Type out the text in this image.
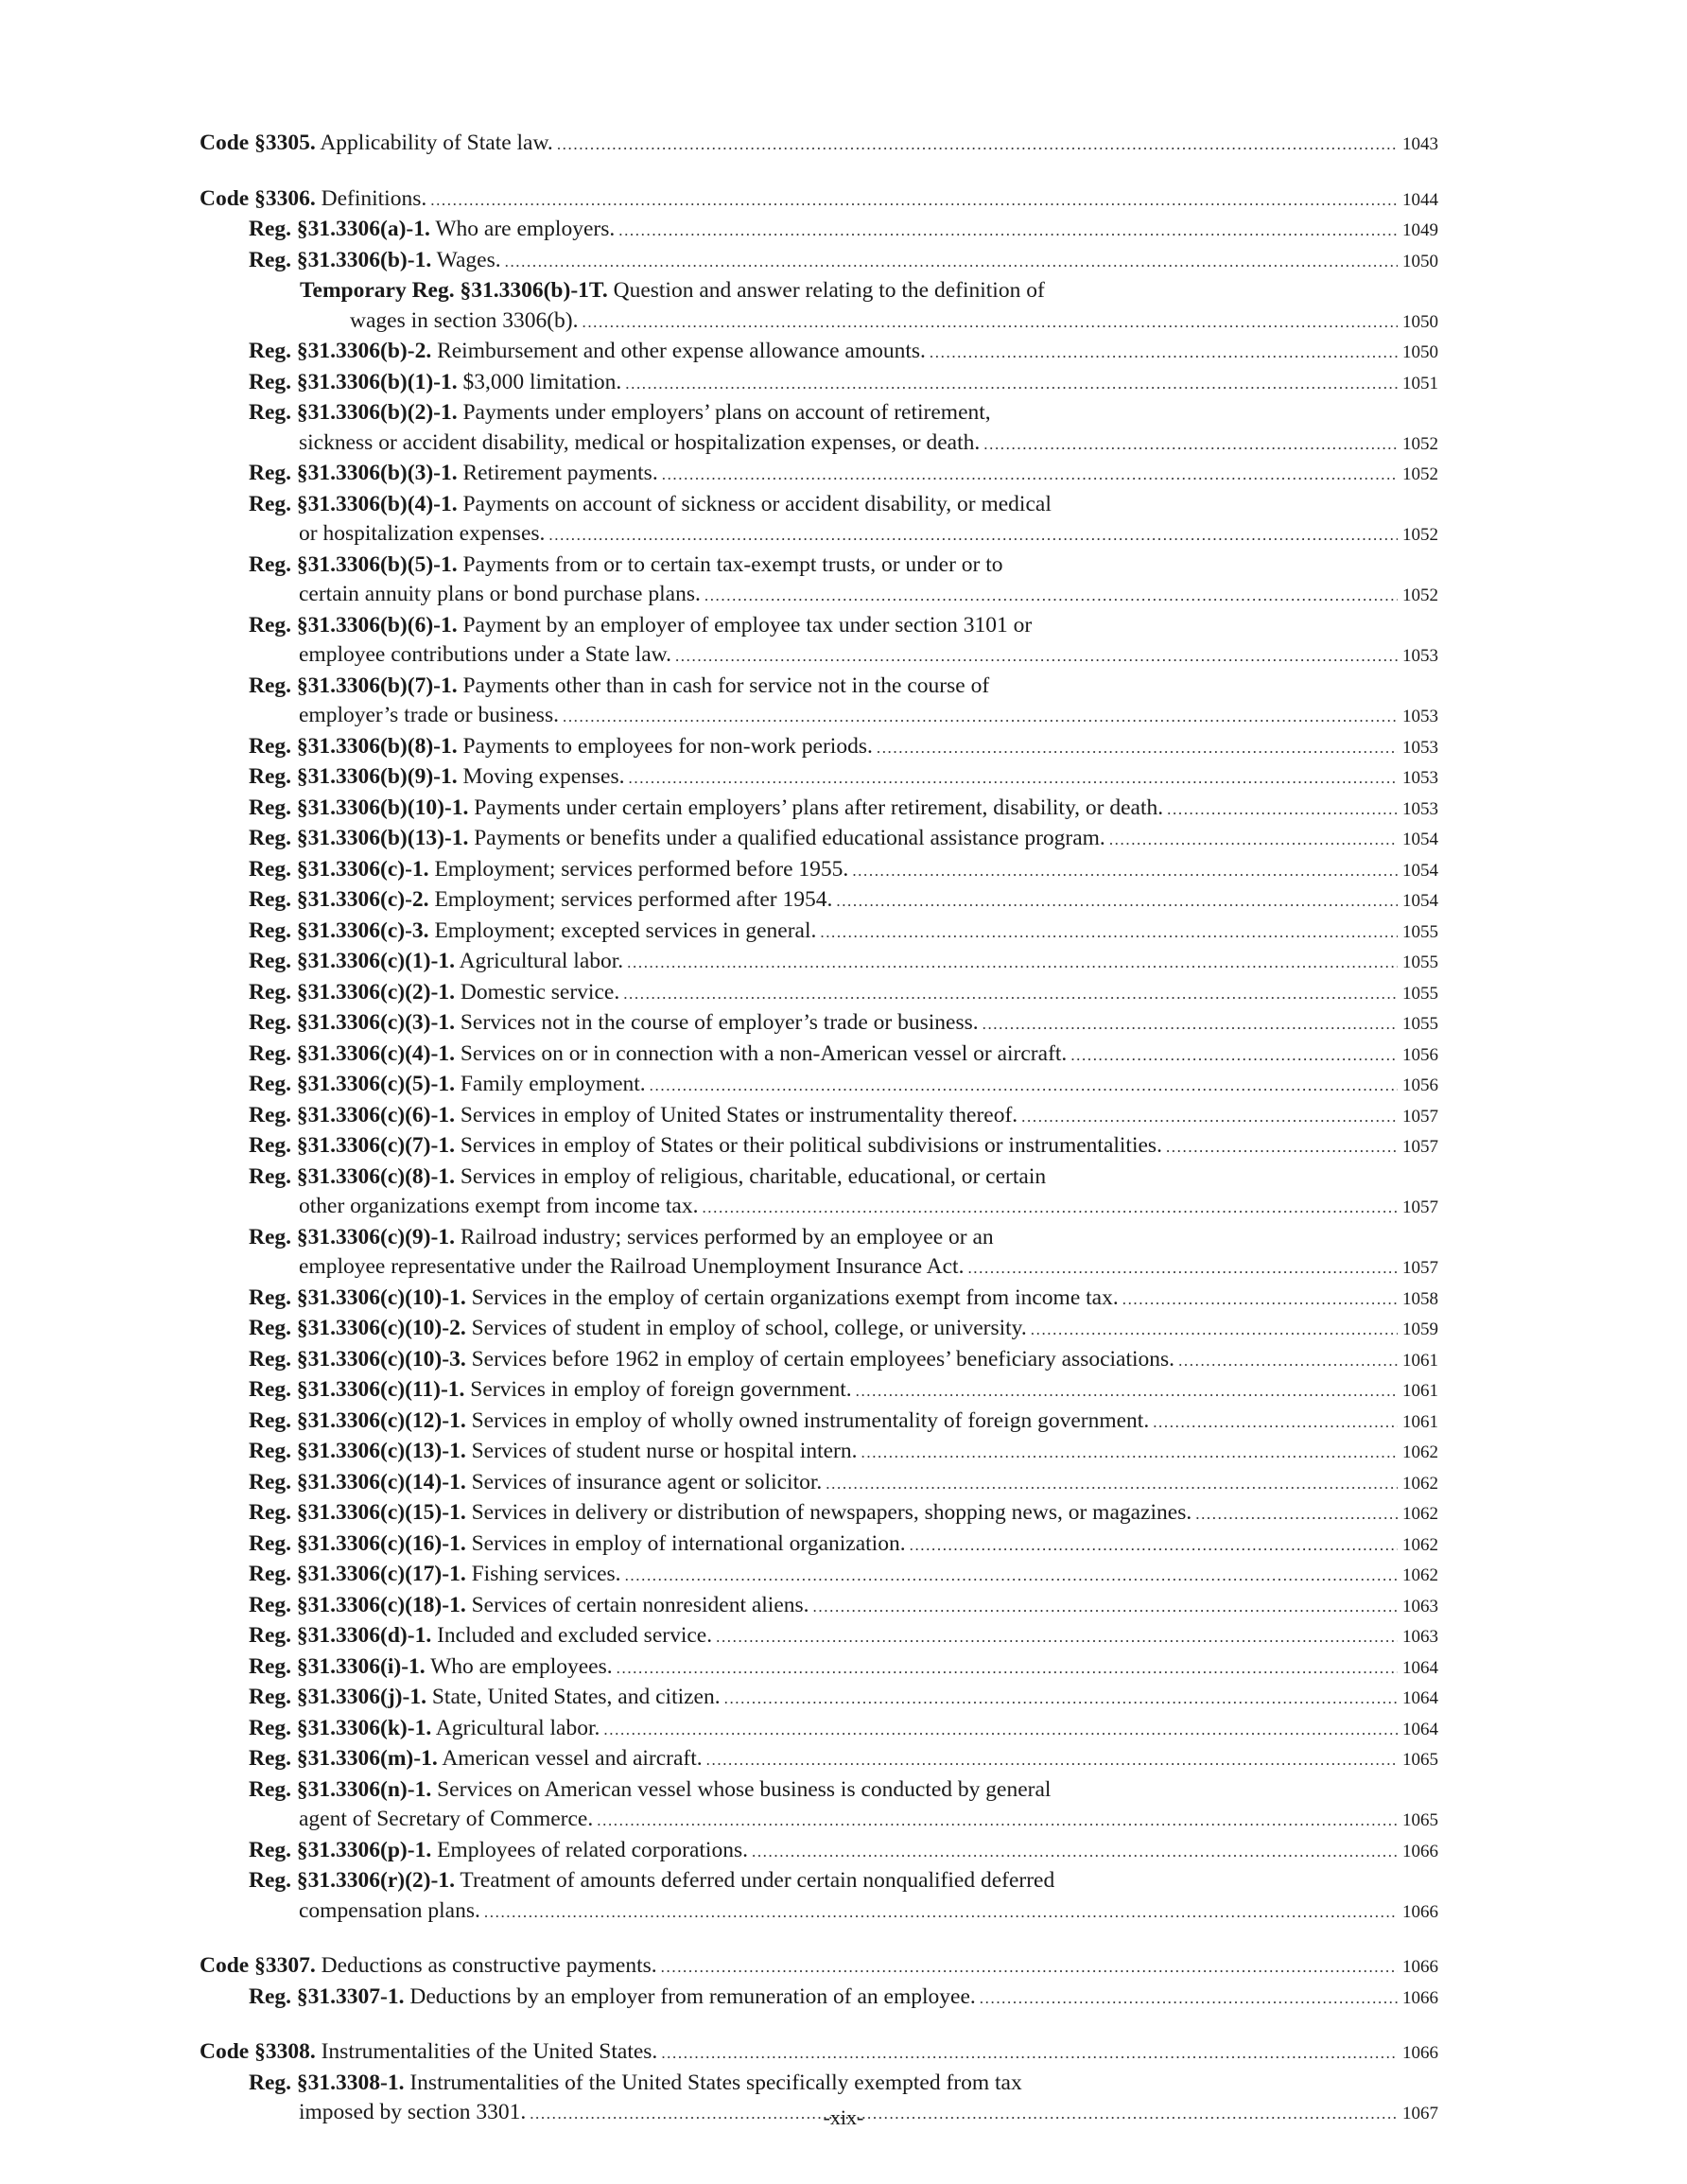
Code §3305. Applicability of State law. .....	1043
Code §3306. Definitions. .....	1044
Reg. §31.3306(a)-1. Who are employers. .....	1049
Reg. §31.3306(b)-1. Wages. .....	1050
Temporary Reg. §31.3306(b)-1T. Question and answer relating to the definition of
wages in section 3306(b). .....	1050
Reg. §31.3306(b)-2. Reimbursement and other expense allowance amounts. .....	1050
Reg. §31.3306(b)(1)-1. $3,000 limitation. .....	1051
Reg. §31.3306(b)(2)-1. Payments under employers’ plans on account of retirement,
sickness or accident disability, medical or hospitalization expenses, or death. .....	1052
Reg. §31.3306(b)(3)-1. Retirement payments. .....	1052
Reg. §31.3306(b)(4)-1. Payments on account of sickness or accident disability, or medical
or hospitalization expenses. .....	1052
Reg. §31.3306(b)(5)-1. Payments from or to certain tax-exempt trusts, or under or to
certain annuity plans or bond purchase plans. .....	1052
Reg. §31.3306(b)(6)-1. Payment by an employer of employee tax under section 3101 or
employee contributions under a State law. .....	1053
Reg. §31.3306(b)(7)-1. Payments other than in cash for service not in the course of
employer’s trade or business. .....	1053
Reg. §31.3306(b)(8)-1. Payments to employees for non-work periods. .....	1053
Reg. §31.3306(b)(9)-1. Moving expenses. .....	1053
Reg. §31.3306(b)(10)-1. Payments under certain employers’ plans after retirement, disability, or death. .....	1053
Reg. §31.3306(b)(13)-1. Payments or benefits under a qualified educational assistance program. .....	1054
Reg. §31.3306(c)-1. Employment; services performed before 1955. .....	1054
Reg. §31.3306(c)-2. Employment; services performed after 1954. .....	1054
Reg. §31.3306(c)-3. Employment; excepted services in general. .....	1055
Reg. §31.3306(c)(1)-1. Agricultural labor. .....	1055
Reg. §31.3306(c)(2)-1. Domestic service. .....	1055
Reg. §31.3306(c)(3)-1. Services not in the course of employer’s trade or business. .....	1055
Reg. §31.3306(c)(4)-1. Services on or in connection with a non-American vessel or aircraft. .....	1056
Reg. §31.3306(c)(5)-1. Family employment. .....	1056
Reg. §31.3306(c)(6)-1. Services in employ of United States or instrumentality thereof. .....	1057
Reg. §31.3306(c)(7)-1. Services in employ of States or their political subdivisions or instrumentalities. .....	1057
Reg. §31.3306(c)(8)-1. Services in employ of religious, charitable, educational, or certain
other organizations exempt from income tax. .....	1057
Reg. §31.3306(c)(9)-1. Railroad industry; services performed by an employee or an
employee representative under the Railroad Unemployment Insurance Act. .....	1057
Reg. §31.3306(c)(10)-1. Services in the employ of certain organizations exempt from income tax. .....	1058
Reg. §31.3306(c)(10)-2. Services of student in employ of school, college, or university. .....	1059
Reg. §31.3306(c)(10)-3. Services before 1962 in employ of certain employees’ beneficiary associations. .....	1061
Reg. §31.3306(c)(11)-1. Services in employ of foreign government. .....	1061
Reg. §31.3306(c)(12)-1. Services in employ of wholly owned instrumentality of foreign government. .....	1061
Reg. §31.3306(c)(13)-1. Services of student nurse or hospital intern. .....	1062
Reg. §31.3306(c)(14)-1. Services of insurance agent or solicitor. .....	1062
Reg. §31.3306(c)(15)-1. Services in delivery or distribution of newspapers, shopping news, or magazines. .....	1062
Reg. §31.3306(c)(16)-1. Services in employ of international organization. .....	1062
Reg. §31.3306(c)(17)-1. Fishing services. .....	1062
Reg. §31.3306(c)(18)-1. Services of certain nonresident aliens. .....	1063
Reg. §31.3306(d)-1. Included and excluded service. .....	1063
Reg. §31.3306(i)-1. Who are employees. .....	1064
Reg. §31.3306(j)-1. State, United States, and citizen. .....	1064
Reg. §31.3306(k)-1. Agricultural labor. .....	1064
Reg. §31.3306(m)-1. American vessel and aircraft. .....	1065
Reg. §31.3306(n)-1. Services on American vessel whose business is conducted by general
agent of Secretary of Commerce. .....	1065
Reg. §31.3306(p)-1. Employees of related corporations. .....	1066
Reg. §31.3306(r)(2)-1. Treatment of amounts deferred under certain nonqualified deferred
compensation plans. .....	1066
Code §3307. Deductions as constructive payments. .....	1066
Reg. §31.3307-1. Deductions by an employer from remuneration of an employee. .....	1066
Code §3308. Instrumentalities of the United States. .....	1066
Reg. §31.3308-1. Instrumentalities of the United States specifically exempted from tax
imposed by section 3301. .....	1067
-xix-
